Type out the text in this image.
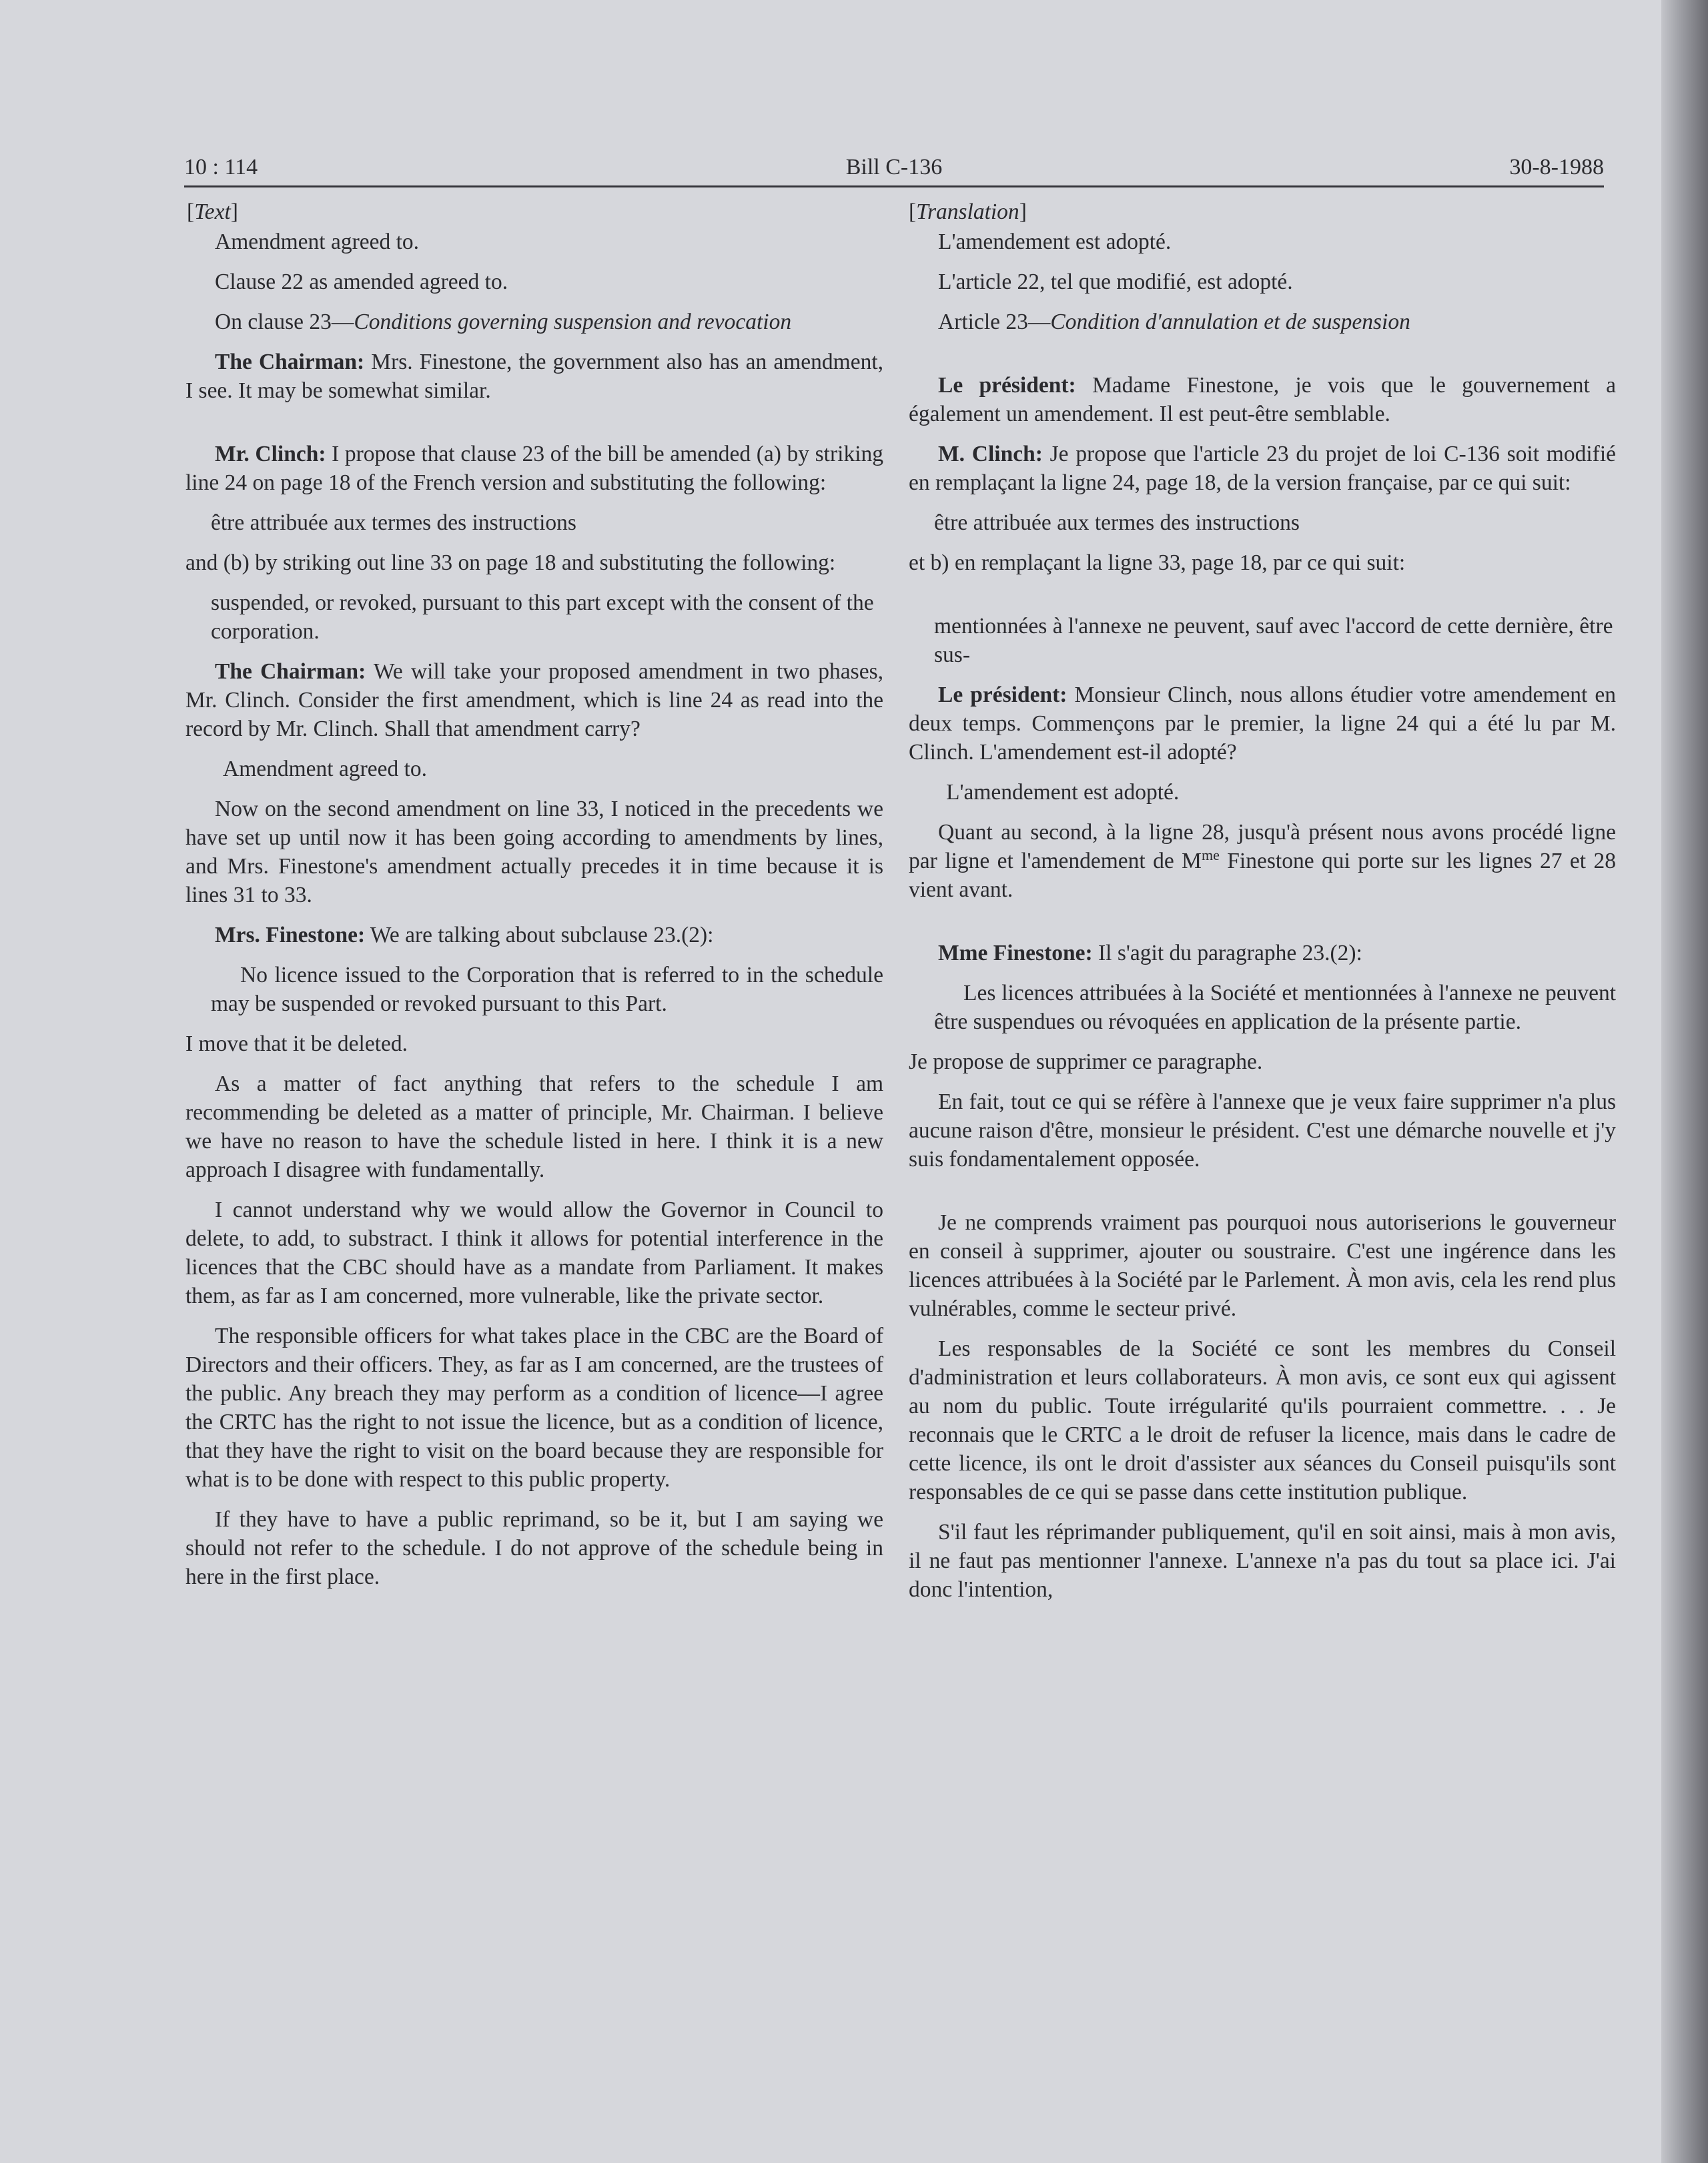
10 : 114	Bill C-136	30-8-1988

[Text]

Amendment agreed to.

Clause 22 as amended agreed to.

On clause 23—Conditions governing suspension and revocation

The Chairman: Mrs. Finestone, the government also has an amendment, I see. It may be somewhat similar.

Mr. Clinch: I propose that clause 23 of the bill be amended (a) by striking line 24 on page 18 of the French version and substituting the following:

être attribuée aux termes des instructions

and (b) by striking out line 33 on page 18 and substituting the following:

suspended, or revoked, pursuant to this part except with the consent of the corporation.

The Chairman: We will take your proposed amendment in two phases, Mr. Clinch. Consider the first amendment, which is line 24 as read into the record by Mr. Clinch. Shall that amendment carry?

Amendment agreed to.

Now on the second amendment on line 33, I noticed in the precedents we have set up until now it has been going according to amendments by lines, and Mrs. Finestone's amendment actually precedes it in time because it is lines 31 to 33.

Mrs. Finestone: We are talking about subclause 23.(2):

No licence issued to the Corporation that is referred to in the schedule may be suspended or revoked pursuant to this Part.

I move that it be deleted.

As a matter of fact anything that refers to the schedule I am recommending be deleted as a matter of principle, Mr. Chairman. I believe we have no reason to have the schedule listed in here. I think it is a new approach I disagree with fundamentally.

I cannot understand why we would allow the Governor in Council to delete, to add, to substract. I think it allows for potential interference in the licences that the CBC should have as a mandate from Parliament. It makes them, as far as I am concerned, more vulnerable, like the private sector.

The responsible officers for what takes place in the CBC are the Board of Directors and their officers. They, as far as I am concerned, are the trustees of the public. Any breach they may perform as a condition of licence—I agree the CRTC has the right to not issue the licence, but as a condition of licence, that they have the right to visit on the board because they are responsible for what is to be done with respect to this public property.

If they have to have a public reprimand, so be it, but I am saying we should not refer to the schedule. I do not approve of the schedule being in here in the first place.

[Translation]

L'amendement est adopté.

L'article 22, tel que modifié, est adopté.

Article 23—Condition d'annulation et de suspension

Le président: Madame Finestone, je vois que le gouvernement a également un amendement. Il est peut-être semblable.

M. Clinch: Je propose que l'article 23 du projet de loi C-136 soit modifié en remplaçant la ligne 24, page 18, de la version française, par ce qui suit:

être attribuée aux termes des instructions

et b) en remplaçant la ligne 33, page 18, par ce qui suit:

mentionnées à l'annexe ne peuvent, sauf avec l'accord de cette dernière, être sus-

Le président: Monsieur Clinch, nous allons étudier votre amendement en deux temps. Commençons par le premier, la ligne 24 qui a été lu par M. Clinch. L'amendement est-il adopté?

L'amendement est adopté.

Quant au second, à la ligne 28, jusqu'à présent nous avons procédé ligne par ligne et l'amendement de $M^{me}$ Finestone qui porte sur les lignes 27 et 28 vient avant.

Mme Finestone: Il s'agit du paragraphe 23.(2):

Les licences attribuées à la Société et mentionnées à l'annexe ne peuvent être suspendues ou révoquées en application de la présente partie.

Je propose de supprimer ce paragraphe.

En fait, tout ce qui se réfère à l'annexe que je veux faire supprimer n'a plus aucune raison d'être, monsieur le président. C'est une démarche nouvelle et j'y suis fondamentalement opposée.

Je ne comprends vraiment pas pourquoi nous autoriserions le gouverneur en conseil à supprimer, ajouter ou soustraire. C'est une ingérence dans les licences attribuées à la Société par le Parlement. À mon avis, cela les rend plus vulnérables, comme le secteur privé.

Les responsables de la Société ce sont les membres du Conseil d'administration et leurs collaborateurs. À mon avis, ce sont eux qui agissent au nom du public. Toute irrégularité qu'ils pourraient commettre. . . Je reconnais que le CRTC a le droit de refuser la licence, mais dans le cadre de cette licence, ils ont le droit d'assister aux séances du Conseil puisqu'ils sont responsables de ce qui se passe dans cette institution publique.

S'il faut les réprimander publiquement, qu'il en soit ainsi, mais à mon avis, il ne faut pas mentionner l'annexe. L'annexe n'a pas du tout sa place ici. J'ai donc l'intention,
